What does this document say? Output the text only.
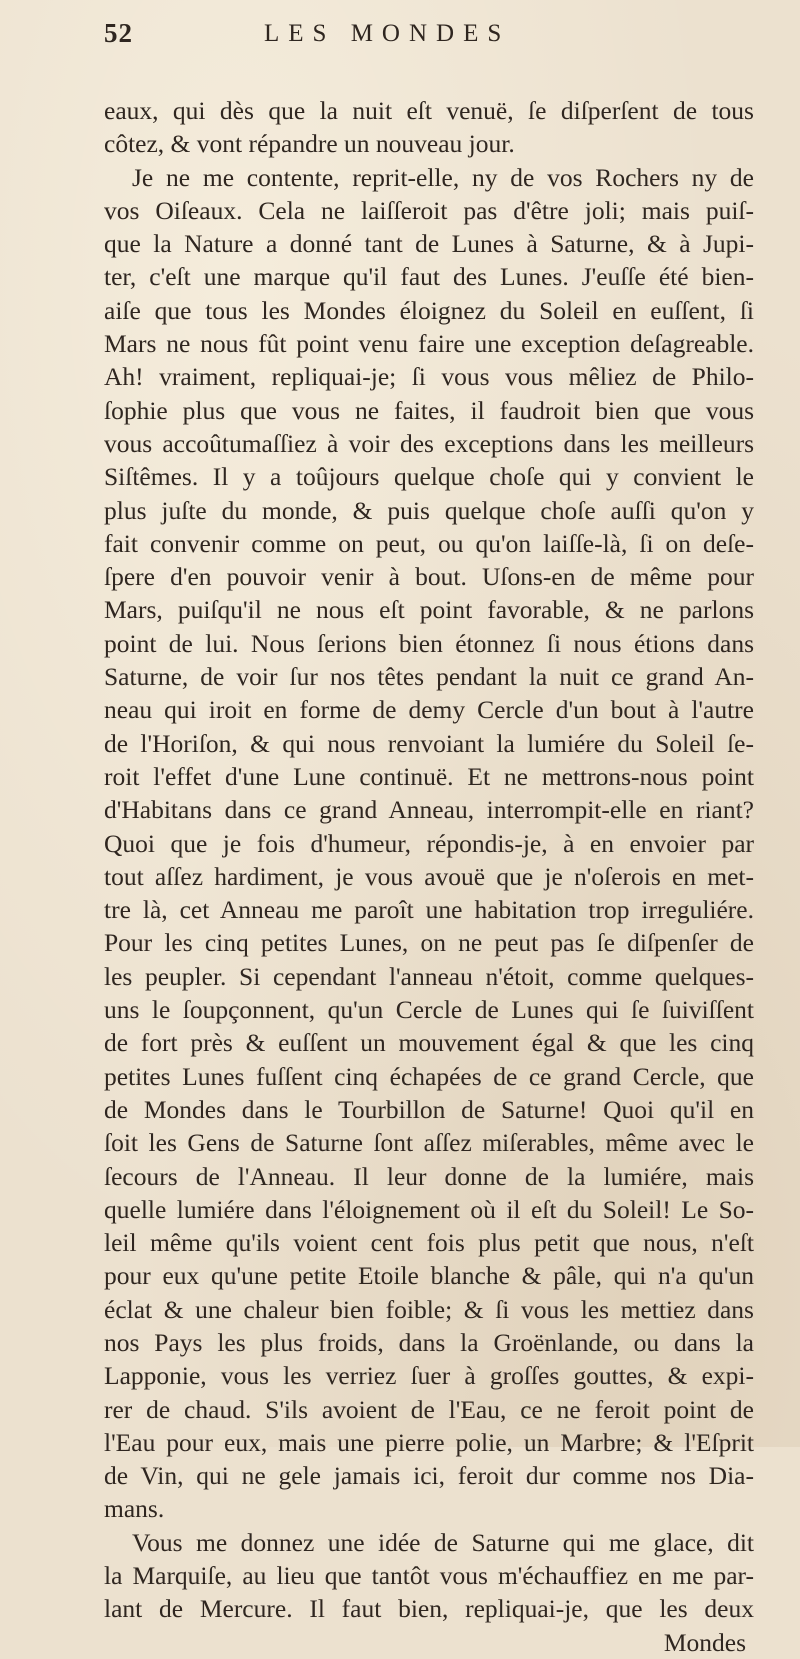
52	LES MONDES
eaux, qui dès que la nuit eſt venuë, ſe diſperſent de tous
côtez, & vont répandre un nouveau jour.
Je ne me contente, reprit-elle, ny de vos Rochers ny de
vos Oiſeaux. Cela ne laiſſeroit pas d'être joli; mais puiſ-
que la Nature a donné tant de Lunes à Saturne, & à Jupi-
ter, c'eſt une marque qu'il faut des Lunes. J'euſſe été bien-
aiſe que tous les Mondes éloignez du Soleil en euſſent, ſi
Mars ne nous fût point venu faire une exception deſagreable.
Ah! vraiment, repliquai-je; ſi vous vous mêliez de Philo-
ſophie plus que vous ne faites, il faudroit bien que vous
vous accoûtumaſſiez à voir des exceptions dans les meilleurs
Siſtêmes. Il y a toûjours quelque choſe qui y convient le
plus juſte du monde, & puis quelque choſe auſſi qu'on y
fait convenir comme on peut, ou qu'on laiſſe-là, ſi on deſe-
ſpere d'en pouvoir venir à bout. Uſons-en de même pour
Mars, puiſqu'il ne nous eſt point favorable, & ne parlons
point de lui. Nous ſerions bien étonnez ſi nous étions dans
Saturne, de voir ſur nos têtes pendant la nuit ce grand An-
neau qui iroit en forme de demy Cercle d'un bout à l'autre
de l'Horiſon, & qui nous renvoiant la lumiére du Soleil ſe-
roit l'effet d'une Lune continuë. Et ne mettrons-nous point
d'Habitans dans ce grand Anneau, interrompit-elle en riant?
Quoi que je fois d'humeur, répondis-je, à en envoier par
tout aſſez hardiment, je vous avouë que je n'oſerois en met-
tre là, cet Anneau me paroît une habitation trop irreguliére.
Pour les cinq petites Lunes, on ne peut pas ſe diſpenſer de
les peupler. Si cependant l'anneau n'étoit, comme quelques-
uns le ſoupçonnent, qu'un Cercle de Lunes qui ſe ſuiviſſent
de fort près & euſſent un mouvement égal & que les cinq
petites Lunes fuſſent cinq échapées de ce grand Cercle, que
de Mondes dans le Tourbillon de Saturne! Quoi qu'il en
ſoit les Gens de Saturne ſont aſſez miſerables, même avec le
ſecours de l'Anneau. Il leur donne de la lumiére, mais
quelle lumiére dans l'éloignement où il eſt du Soleil! Le So-
leil même qu'ils voient cent fois plus petit que nous, n'eſt
pour eux qu'une petite Etoile blanche & pâle, qui n'a qu'un
éclat & une chaleur bien foible; & ſi vous les mettiez dans
nos Pays les plus froids, dans la Groënlande, ou dans la
Lapponie, vous les verriez ſuer à groſſes gouttes, & expi-
rer de chaud. S'ils avoient de l'Eau, ce ne feroit point de
l'Eau pour eux, mais une pierre polie, un Marbre; & l'Eſprit
de Vin, qui ne gele jamais ici, feroit dur comme nos Dia-
mans.
Vous me donnez une idée de Saturne qui me glace, dit
la Marquiſe, au lieu que tantôt vous m'échauffiez en me par-
lant de Mercure. Il faut bien, repliquai-je, que les deux
Mondes
